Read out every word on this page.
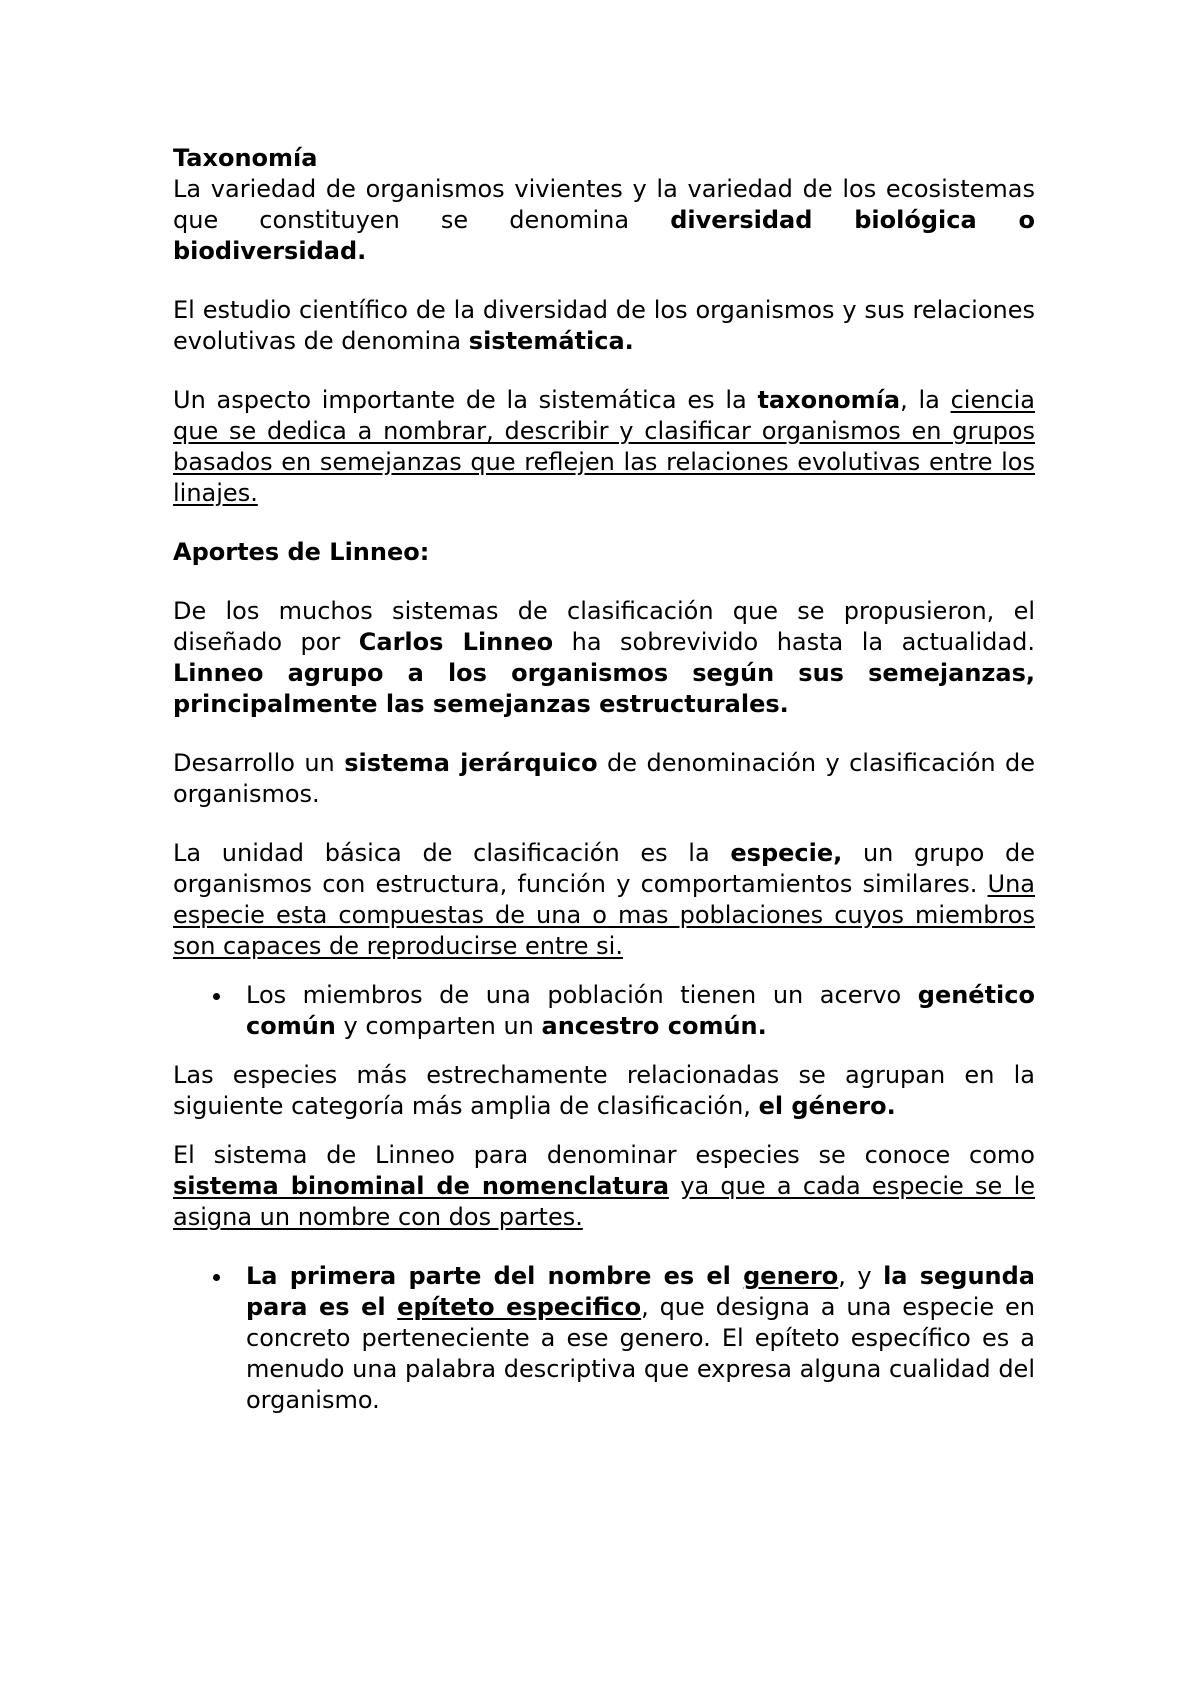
Taxonomía

La variedad de organismos vivientes y la variedad de los ecosistemas que constituyen se denomina diversidad biológica o biodiversidad.

El estudio científico de la diversidad de los organismos y sus relaciones evolutivas de denomina sistemática.

Un aspecto importante de la sistemática es la taxonomía, la ciencia que se dedica a nombrar, describir y clasificar organismos en grupos basados en semejanzas que reflejen las relaciones evolutivas entre los linajes.

Aportes de Linneo:

De los muchos sistemas de clasificación que se propusieron, el diseñado por Carlos Linneo ha sobrevivido hasta la actualidad. Linneo agrupo a los organismos según sus semejanzas, principalmente las semejanzas estructurales.

Desarrollo un sistema jerárquico de denominación y clasificación de organismos.

La unidad básica de clasificación es la especie, un grupo de organismos con estructura, función y comportamientos similares. Una especie esta compuestas de una o mas poblaciones cuyos miembros son capaces de reproducirse entre si.

Los miembros de una población tienen un acervo genético común y comparten un ancestro común.

Las especies más estrechamente relacionadas se agrupan en la siguiente categoría más amplia de clasificación, el género.

El sistema de Linneo para denominar especies se conoce como sistema binominal de nomenclatura ya que a cada especie se le asigna un nombre con dos partes.

La primera parte del nombre es el genero, y la segunda para es el epíteto especifico, que designa a una especie en concreto perteneciente a ese genero. El epíteto específico es a menudo una palabra descriptiva que expresa alguna cualidad del organismo.
